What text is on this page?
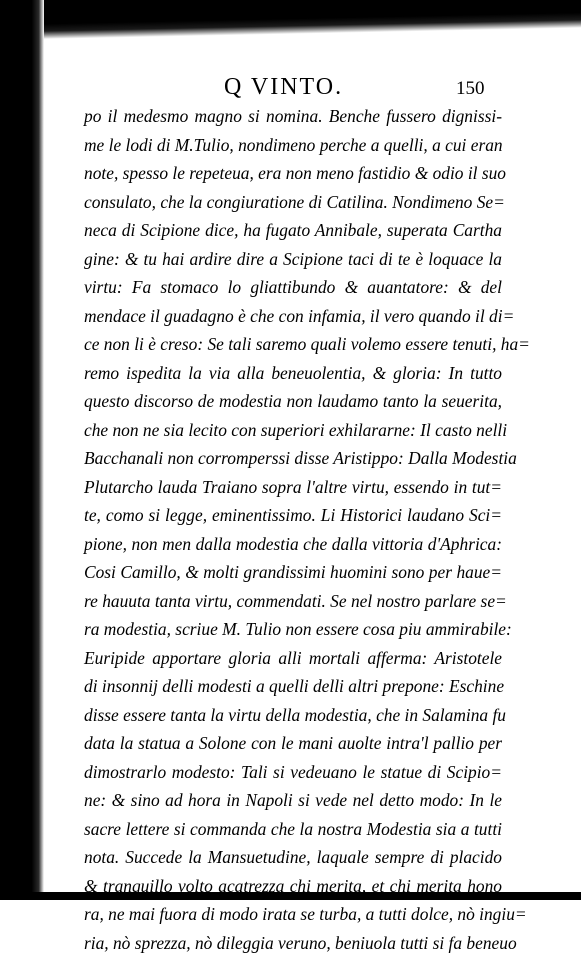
Q VINTO.	150
po il medesmo magno si nomina. Benche fussero dignissi-
me le lodi di M.Tulio, nondimeno perche a quelli, a cui eran
note, spesso le repeteua, era non meno fastidio & odio il suo
consulato, che la congiuratione di Catilina. Nondimeno Se=
neca di Scipione dice, ha fugato Annibale, superata Cartha
gine: & tu hai ardire dire a Scipione taci di te è loquace la
virtu: Fa stomaco lo gliattibundo & auantatore: & del
mendace il guadagno è che con infamia, il vero quando il di=
ce non li è creso: Se tali saremo quali volemo essere tenuti, ha=
remo ispedita la via alla beneuolentia, & gloria: In tutto
questo discorso de modestia non laudamo tanto la seuerita,
che non ne sia lecito con superiori exhilararne: Il casto nelli
Bacchanali non corromperssi disse Aristippo: Dalla Modestia
Plutarcho lauda Traiano sopra l'altre virtu, essendo in tut=
te, como si legge, eminentissimo. Li Historici laudano Sci=
pione, non men dalla modestia che dalla vittoria d'Aphrica:
Cosi Camillo, & molti grandissimi huomini sono per haue=
re hauuta tanta virtu, commendati. Se nel nostro parlare se=
ra modestia, scriue M. Tulio non essere cosa piu ammirabile:
Euripide apportare gloria alli mortali afferma: Aristotele
di insonnij delli modesti a quelli delli altri prepone: Eschine
disse essere tanta la virtu della modestia, che in Salamina fu
data la statua a Solone con le mani auolte intra'l pallio per
dimostrarlo modesto: Tali si vedeuano le statue di Scipio=
ne: & sino ad hora in Napoli si vede nel detto modo: In le
sacre lettere si commanda che la nostra Modestia sia a tutti
nota. Succede la Mansuetudine, laquale sempre di placido
& tranquillo volto acatrezza chi merita, et chi merita hono
ra, ne mai fuora di modo irata se turba, a tutti dolce, nò ingiu=
ria, nò sprezza, nò dileggia veruno, beniuola tutti si fa beneuo
